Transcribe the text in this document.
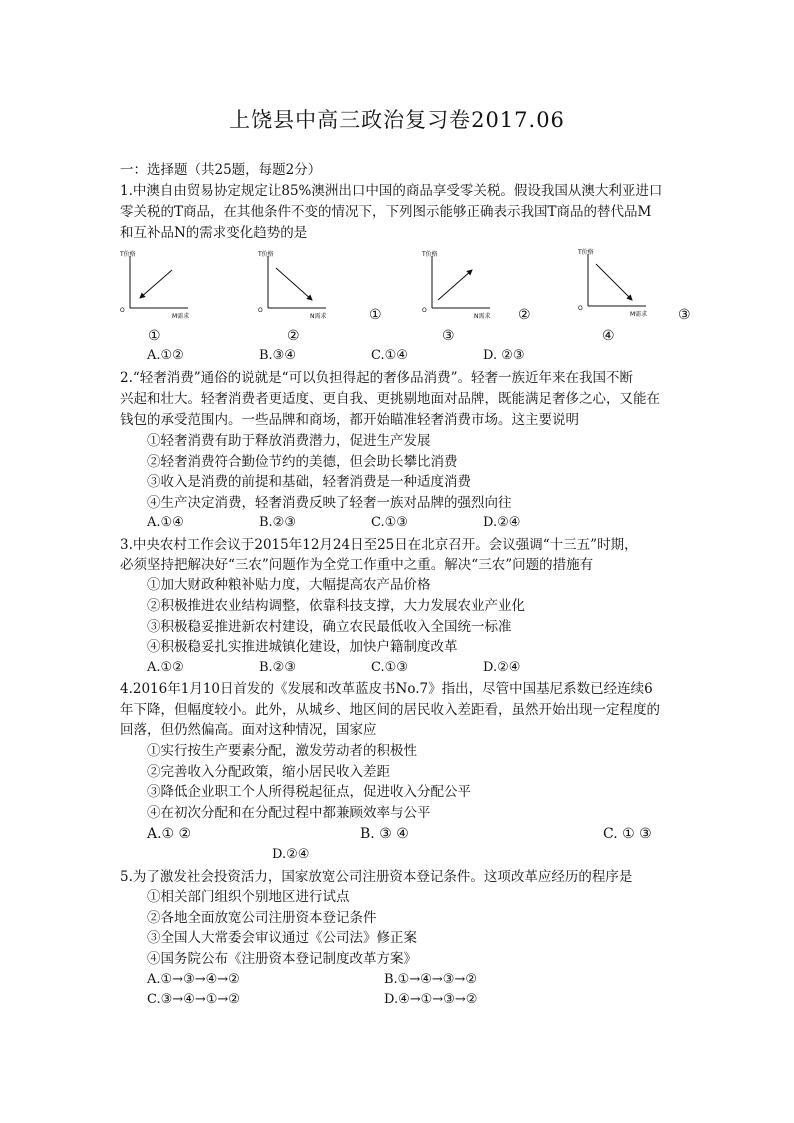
上饶县中高三政治复习卷2017.06
一：选择题（共25题，每题2分）
1.中澳自由贸易协定规定让85%澳洲出口中国的商品享受零关税。假设我国从澳大利亚进口
零关税的T商品，在其他条件不变的情况下，下列图示能够正确表示我国T商品的替代品M
和互补品N的需求变化趋势的是
T价格
O
M需求
T价格
O
N需求
T价格
O
N需求
T价格
O
M需求
①	②	③
①	②	③	④
A.①②	B.③④	C.①④	D. ②③
2.“轻奢消费”通俗的说就是“可以负担得起的奢侈品消费”。轻奢一族近年来在我国不断
兴起和壮大。轻奢消费者更适度、更自我、更挑剔地面对品牌，既能满足奢侈之心，又能在
钱包的承受范围内。一些品牌和商场，都开始瞄准轻奢消费市场。这主要说明
①轻奢消费有助于释放消费潜力，促进生产发展
②轻奢消费符合勤俭节约的美德，但会助长攀比消费
③收入是消费的前提和基础，轻奢消费是一种适度消费
④生产决定消费，轻奢消费反映了轻奢一族对品牌的强烈向往
A.①④	B.②③	C.①③	D.②④
3.中央农村工作会议于2015年12月24日至25日在北京召开。会议强调“十三五”时期，
必须坚持把解决好“三农”问题作为全党工作重中之重。解决“三农”问题的措施有
①加大财政种粮补贴力度，大幅提高农产品价格
②积极推进农业结构调整，依靠科技支撑，大力发展农业产业化
③积极稳妥推进新农村建设，确立农民最低收入全国统一标准
④积极稳妥扎实推进城镇化建设，加快户籍制度改革
A.①②	B.②③	C.①③	D.②④
4.2016年1月10日首发的《发展和改革蓝皮书No.7》指出，尽管中国基尼系数已经连续6
年下降，但幅度较小。此外，从城乡、地区间的居民收入差距看，虽然开始出现一定程度的
回落，但仍然偏高。面对这种情况，国家应
①实行按生产要素分配，激发劳动者的积极性
②完善收入分配政策，缩小居民收入差距
③降低企业职工个人所得税起征点，促进收入分配公平
④在初次分配和在分配过程中都兼顾效率与公平
A.① ②	B. ③ ④	C. ① ③
D.②④
5.为了激发社会投资活力，国家放宽公司注册资本登记条件。这项改革应经历的程序是
①相关部门组织个别地区进行试点
②各地全面放宽公司注册资本登记条件
③全国人大常委会审议通过《公司法》修正案
④国务院公布《注册资本登记制度改革方案》
A.①→③→④→②	B.①→④→③→②
C.③→④→①→②	D.④→①→③→②
